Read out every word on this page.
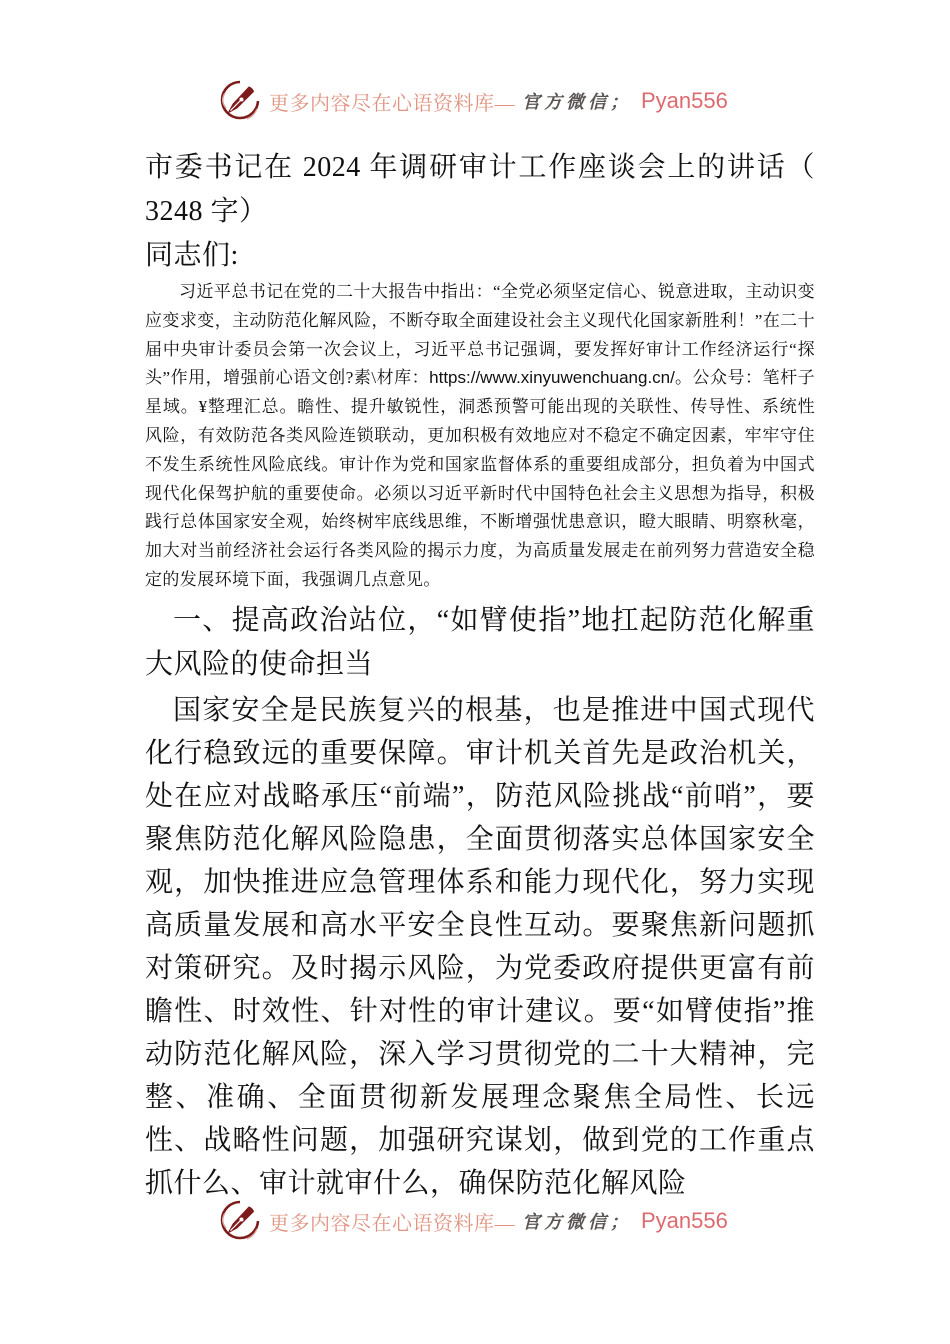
更多内容尽在心语资料库— 官方微信； Pyan556
市委书记在 2024 年调研审计工作座谈会上的讲话（ 3248 字）

同志们:

习近平总书记在党的二十大报告中指出：“全党必须坚定信心、锐意进取，主动识变应变求变，主动防范化解风险，不断夺取全面建设社会主义现代化国家新胜利！”在二十届中央审计委员会第一次会议上，习近平总书记强调，要发挥好审计工作经济运行“探头”作用，增强前心语文创?素\材库：https://www.xinyuwenchuang.cn/。公众号：笔杆子星域。¥整理汇总。瞻性、提升敏锐性，洞悉预警可能出现的关联性、传导性、系统性风险，有效防范各类风险连锁联动，更加积极有效地应对不稳定不确定因素，牢牢守住不发生系统性风险底线。审计作为党和国家监督体系的重要组成部分，担负着为中国式现代化保驾护航的重要使命。必须以习近平新时代中国特色社会主义思想为指导，积极践行总体国家安全观，始终树牢底线思维，不断增强忧患意识，瞪大眼睛、明察秋毫，加大对当前经济社会运行各类风险的揭示力度，为高质量发展走在前列努力营造安全稳定的发展环境下面，我强调几点意见。

一、提高政治站位，“如臂使指”地扛起防范化解重大风险的使命担当

国家安全是民族复兴的根基，也是推进中国式现代化行稳致远的重要保障。审计机关首先是政治机关，处在应对战略承压“前端”，防范风险挑战“前哨”，要聚焦防范化解风险隐患，全面贯彻落实总体国家安全观，加快推进应急管理体系和能力现代化，努力实现高质量发展和高水平安全良性互动。要聚焦新问题抓对策研究。及时揭示风险，为党委政府提供更富有前瞻性、时效性、针对性的审计建议。要“如臂使指”推动防范化解风险，深入学习贯彻党的二十大精神，完整、准确、全面贯彻新发展理念聚焦全局性、长远性、战略性问题，加强研究谋划，做到党的工作重点抓什么、审计就审什么，确保防范化解风险

更多内容尽在心语资料库— 官方微信； Pyan556
